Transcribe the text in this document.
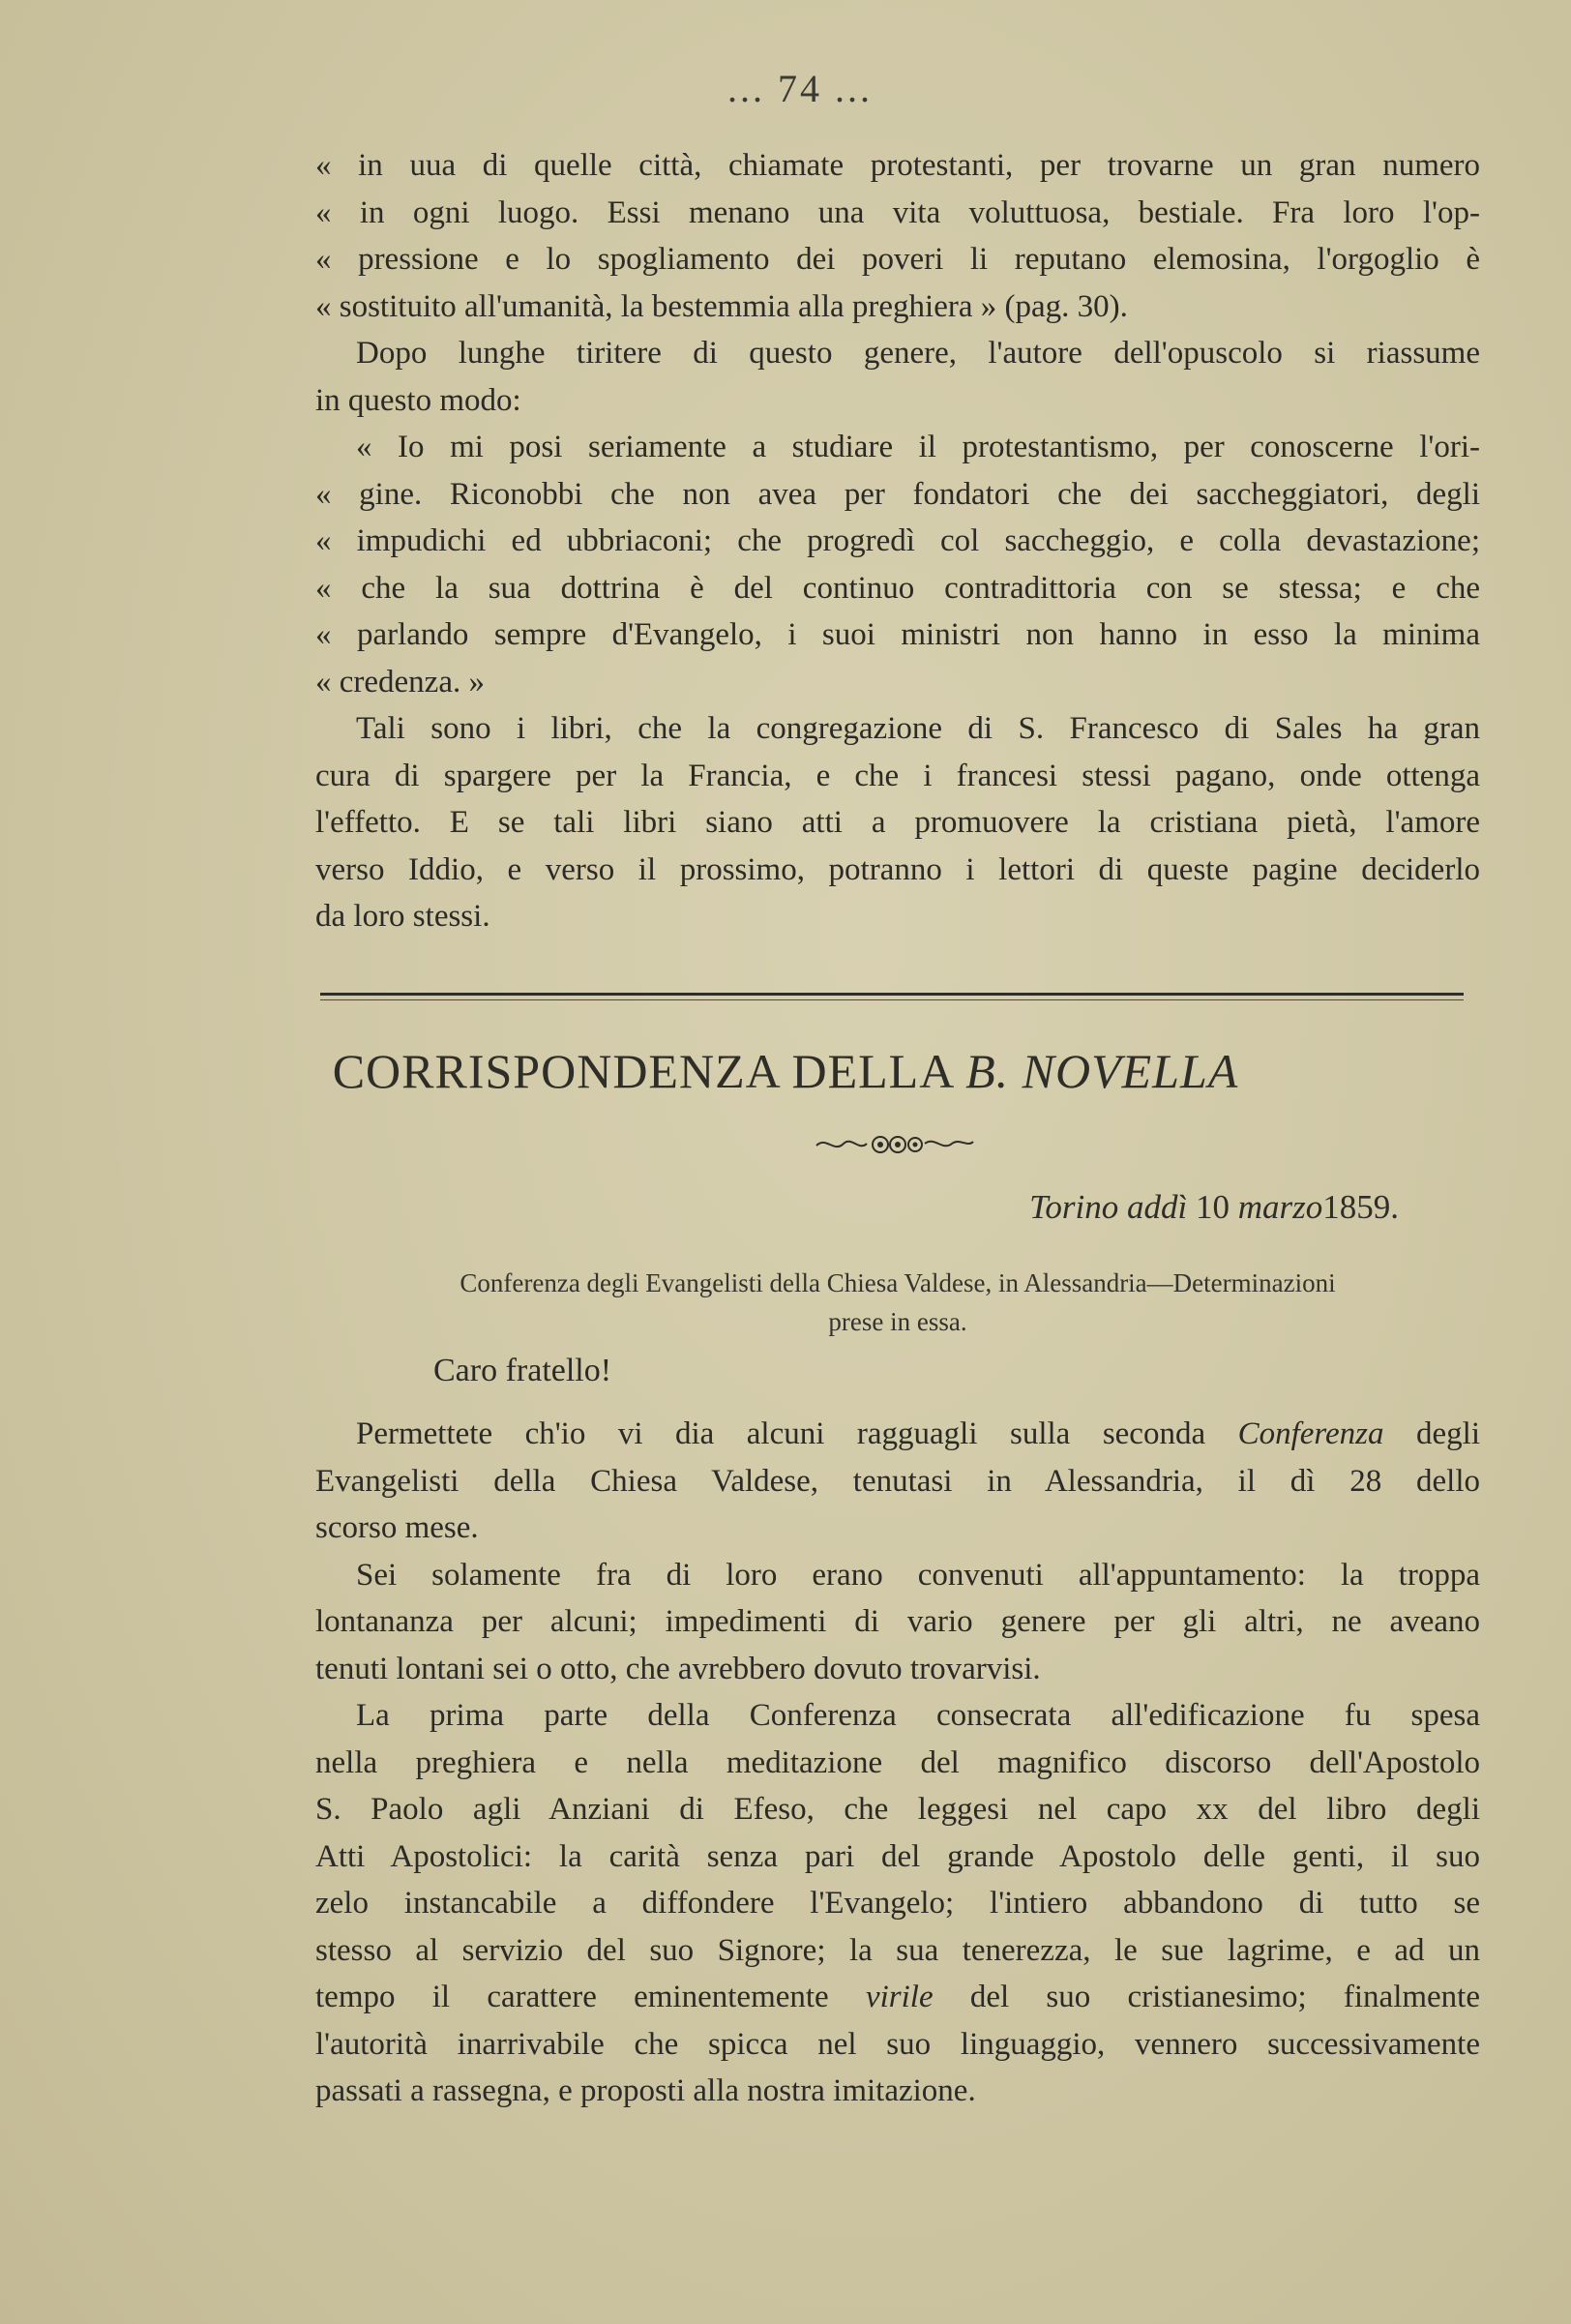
... 74 ...
« in uua di quelle città, chiamate protestanti, per trovarne un gran numero
« in ogni luogo. Essi menano una vita voluttuosa, bestiale. Fra loro l'op-
« pressione e lo spogliamento dei poveri li reputano elemosina, l'orgoglio è
« sostituito all'umanità, la bestemmia alla preghiera » (pag. 30).
Dopo lunghe tiritere di questo genere, l'autore dell'opuscolo si riassume
in questo modo:
« Io mi posi seriamente a studiare il protestantismo, per conoscerne l'ori-
« gine. Riconobbi che non avea per fondatori che dei saccheggiatori, degli
« impudichi ed ubbriaconi; che progredì col saccheggio, e colla devastazione;
« che la sua dottrina è del continuo contradittoria con se stessa; e che
« parlando sempre d'Evangelo, i suoi ministri non hanno in esso la minima
« credenza. »
Tali sono i libri, che la congregazione di S. Francesco di Sales ha gran
cura di spargere per la Francia, e che i francesi stessi pagano, onde ottenga
l'effetto. E se tali libri siano atti a promuovere la cristiana pietà, l'amore
verso Iddio, e verso il prossimo, potranno i lettori di queste pagine deciderlo
da loro stessi.
CORRISPONDENZA DELLA B. NOVELLA
Torino addì 10 marzo1859.
Conferenza degli Evangelisti della Chiesa Valdese, in Alessandria—Determinazioni
prese in essa.
Caro fratello!
Permettete ch'io vi dia alcuni ragguagli sulla seconda Conferenza degli
Evangelisti della Chiesa Valdese, tenutasi in Alessandria, il dì 28 dello
scorso mese.
Sei solamente fra di loro erano convenuti all'appuntamento: la troppa
lontananza per alcuni; impedimenti di vario genere per gli altri, ne aveano
tenuti lontani sei o otto, che avrebbero dovuto trovarvisi.
La prima parte della Conferenza consecrata all'edificazione fu spesa
nella preghiera e nella meditazione del magnifico discorso dell'Apostolo
S. Paolo agli Anziani di Efeso, che leggesi nel capo xx del libro degli
Atti Apostolici: la carità senza pari del grande Apostolo delle genti, il suo
zelo instancabile a diffondere l'Evangelo; l'intiero abbandono di tutto se
stesso al servizio del suo Signore; la sua tenerezza, le sue lagrime, e ad un
tempo il carattere eminentemente virile del suo cristianesimo; finalmente
l'autorità inarrivabile che spicca nel suo linguaggio, vennero successivamente
passati a rassegna, e proposti alla nostra imitazione.
